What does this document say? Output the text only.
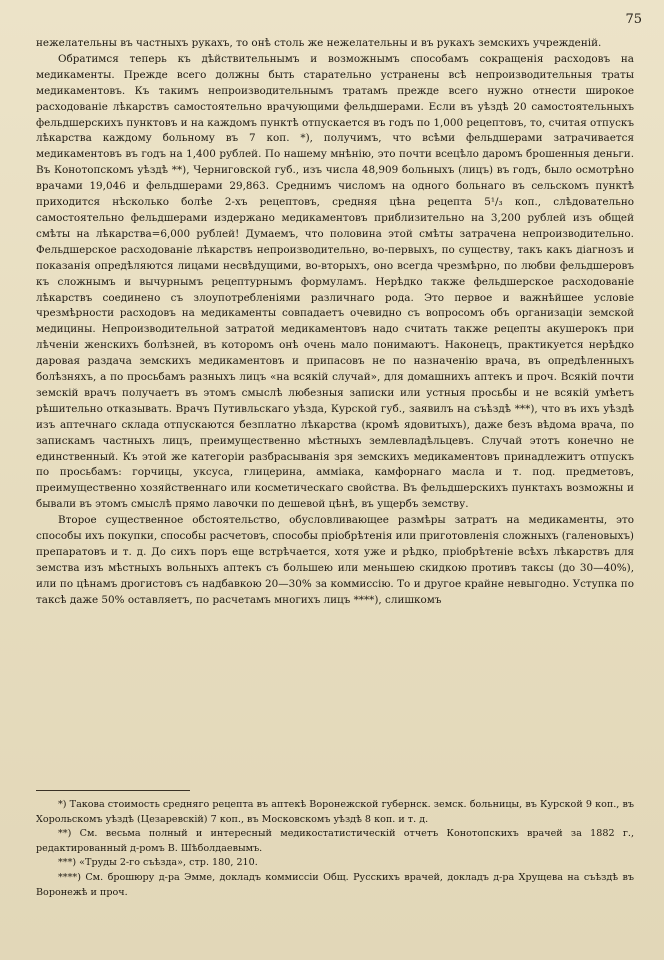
75

нежелательны въ частныхъ рукахъ, то онѣ столь же нежелательны и въ рукахъ земскихъ учрежденій.

Обратимся теперь къ дѣйствительнымъ и возможнымъ способамъ сокращенія расходовъ на медикаменты. Прежде всего должны быть старательно устранены всѣ непроизводительныя траты медикаментовъ. Къ такимъ непроизводительнымъ тратамъ прежде всего нужно отнести широкое расходованіе лѣкарствъ самостоятельно врачующими фельдшерами. Если въ уѣздѣ 20 самостоятельныхъ фельдшерскихъ пунктовъ и на каждомъ пунктѣ отпускается въ годъ по 1,000 рецептовъ, то, считая отпускъ лѣкарства каждому больному въ 7 коп. *), получимъ, что всѣми фельдшерами затрачивается медикаментовъ въ годъ на 1,400 рублей. По нашему мнѣнію, это почти всецѣло даромъ брошенныя деньги. Въ Конотопскомъ уѣздѣ **), Черниговской губ., изъ числа 48,909 больныхъ (лицъ) въ годъ, было осмотрѣно врачами 19,046 и фельдшерами 29,863. Среднимъ числомъ на одного больнаго въ сельскомъ пунктѣ приходится нѣсколько болѣе 2-хъ рецептовъ, средняя цѣна рецепта 5¹/₃ коп., слѣдовательно самостоятельно фельдшерами издержано медикаментовъ приблизительно на 3,200 рублей изъ общей смѣты на лѣкарства=6,000 рублей! Думаемъ, что половина этой смѣты затрачена непроизводительно. Фельдшерское расходованіе лѣкарствъ непроизводительно, во-первыхъ, по существу, такъ какъ діагнозъ и показанія опредѣляются лицами несвѣдущими, во-вторыхъ, оно всегда чрезмѣрно, по любви фельдшеровъ къ сложнымъ и вычурнымъ рецептурнымъ формуламъ. Нерѣдко также фельдшерское расходованіе лѣкарствъ соединено съ злоупотребленіями различнаго рода. Это первое и важнѣйшее условіе чрезмѣрности расходовъ на медикаменты совпадаетъ очевидно съ вопросомъ объ организаціи земской медицины. Непроизводительной затратой медикаментовъ надо считать также рецепты акушерокъ при лѣченіи женскихъ болѣзней, въ которомъ онѣ очень мало понимаютъ. Наконецъ, практикуется нерѣдко даровая раздача земскихъ медикаментовъ и припасовъ не по назначенію врача, въ опредѣленныхъ болѣзняхъ, а по просьбамъ разныхъ лицъ «на всякій случай», для домашнихъ аптекъ и проч. Всякій почти земскій врачъ получаетъ въ этомъ смыслѣ любезныя записки или устныя просьбы и не всякій умѣетъ рѣшительно отказывать. Врачъ Путивльскаго уѣзда, Курской губ., заявилъ на съѣздѣ ***), что въ ихъ уѣздѣ изъ аптечнаго склада отпускаются безплатно лѣкарства (кромѣ ядовитыхъ), даже безъ вѣдома врача, по запискамъ частныхъ лицъ, преимущественно мѣстныхъ землевладѣльцевъ. Случай этотъ конечно не единственный. Къ этой же категоріи разбрасыванія зря земскихъ медикаментовъ принадлежитъ отпускъ по просьбамъ: горчицы, уксуса, глицерина, аммiака, камфорнаго масла и т. под. предметовъ, преимущественно хозяйственнаго или косметическаго свойства. Въ фельдшерскихъ пунктахъ возможны и бывали въ этомъ смыслѣ прямо лавочки по дешевой цѣнѣ, въ ущербъ земству.

Второе существенное обстоятельство, обусловливающее размѣры затратъ на медикаменты, это способы ихъ покупки, способы расчетовъ, способы пріобрѣтенія или приготовленія сложныхъ (галеновыхъ) препаратовъ и т. д. До сихъ поръ еще встрѣчается, хотя уже и рѣдко, пріобрѣтеніе всѣхъ лѣкарствъ для земства изъ мѣстныхъ вольныхъ аптекъ съ большею или меньшею скидкою противъ таксы (до 30—40%), или по цѣнамъ дрогистовъ съ надбавкою 20—30% за коммиссію. То и другое крайне невыгодно. Уступка по таксѣ даже 50% оставляетъ, по расчетамъ многихъ лицъ ****), слишкомъ

*) Такова стоимость средняго рецепта въ аптекѣ Воронежской губернск. земск. больницы, въ Курской 9 коп., въ Хорольскомъ уѣздѣ (Цезаревскій) 7 коп., въ Московскомъ уѣздѣ 8 коп. и т. д.

**) См. весьма полный и интересный медикостатистическій отчетъ Конотопскихъ врачей за 1882 г., редактированный д-ромъ В. Шѣболдаевымъ.

***) «Труды 2-го съѣзда», стр. 180, 210.

****) См. брошюру д-ра Эмме, докладъ коммиссіи Общ. Русскихъ врачей, докладъ д-ра Хрущева на съѣздѣ въ Воронежѣ и проч.
